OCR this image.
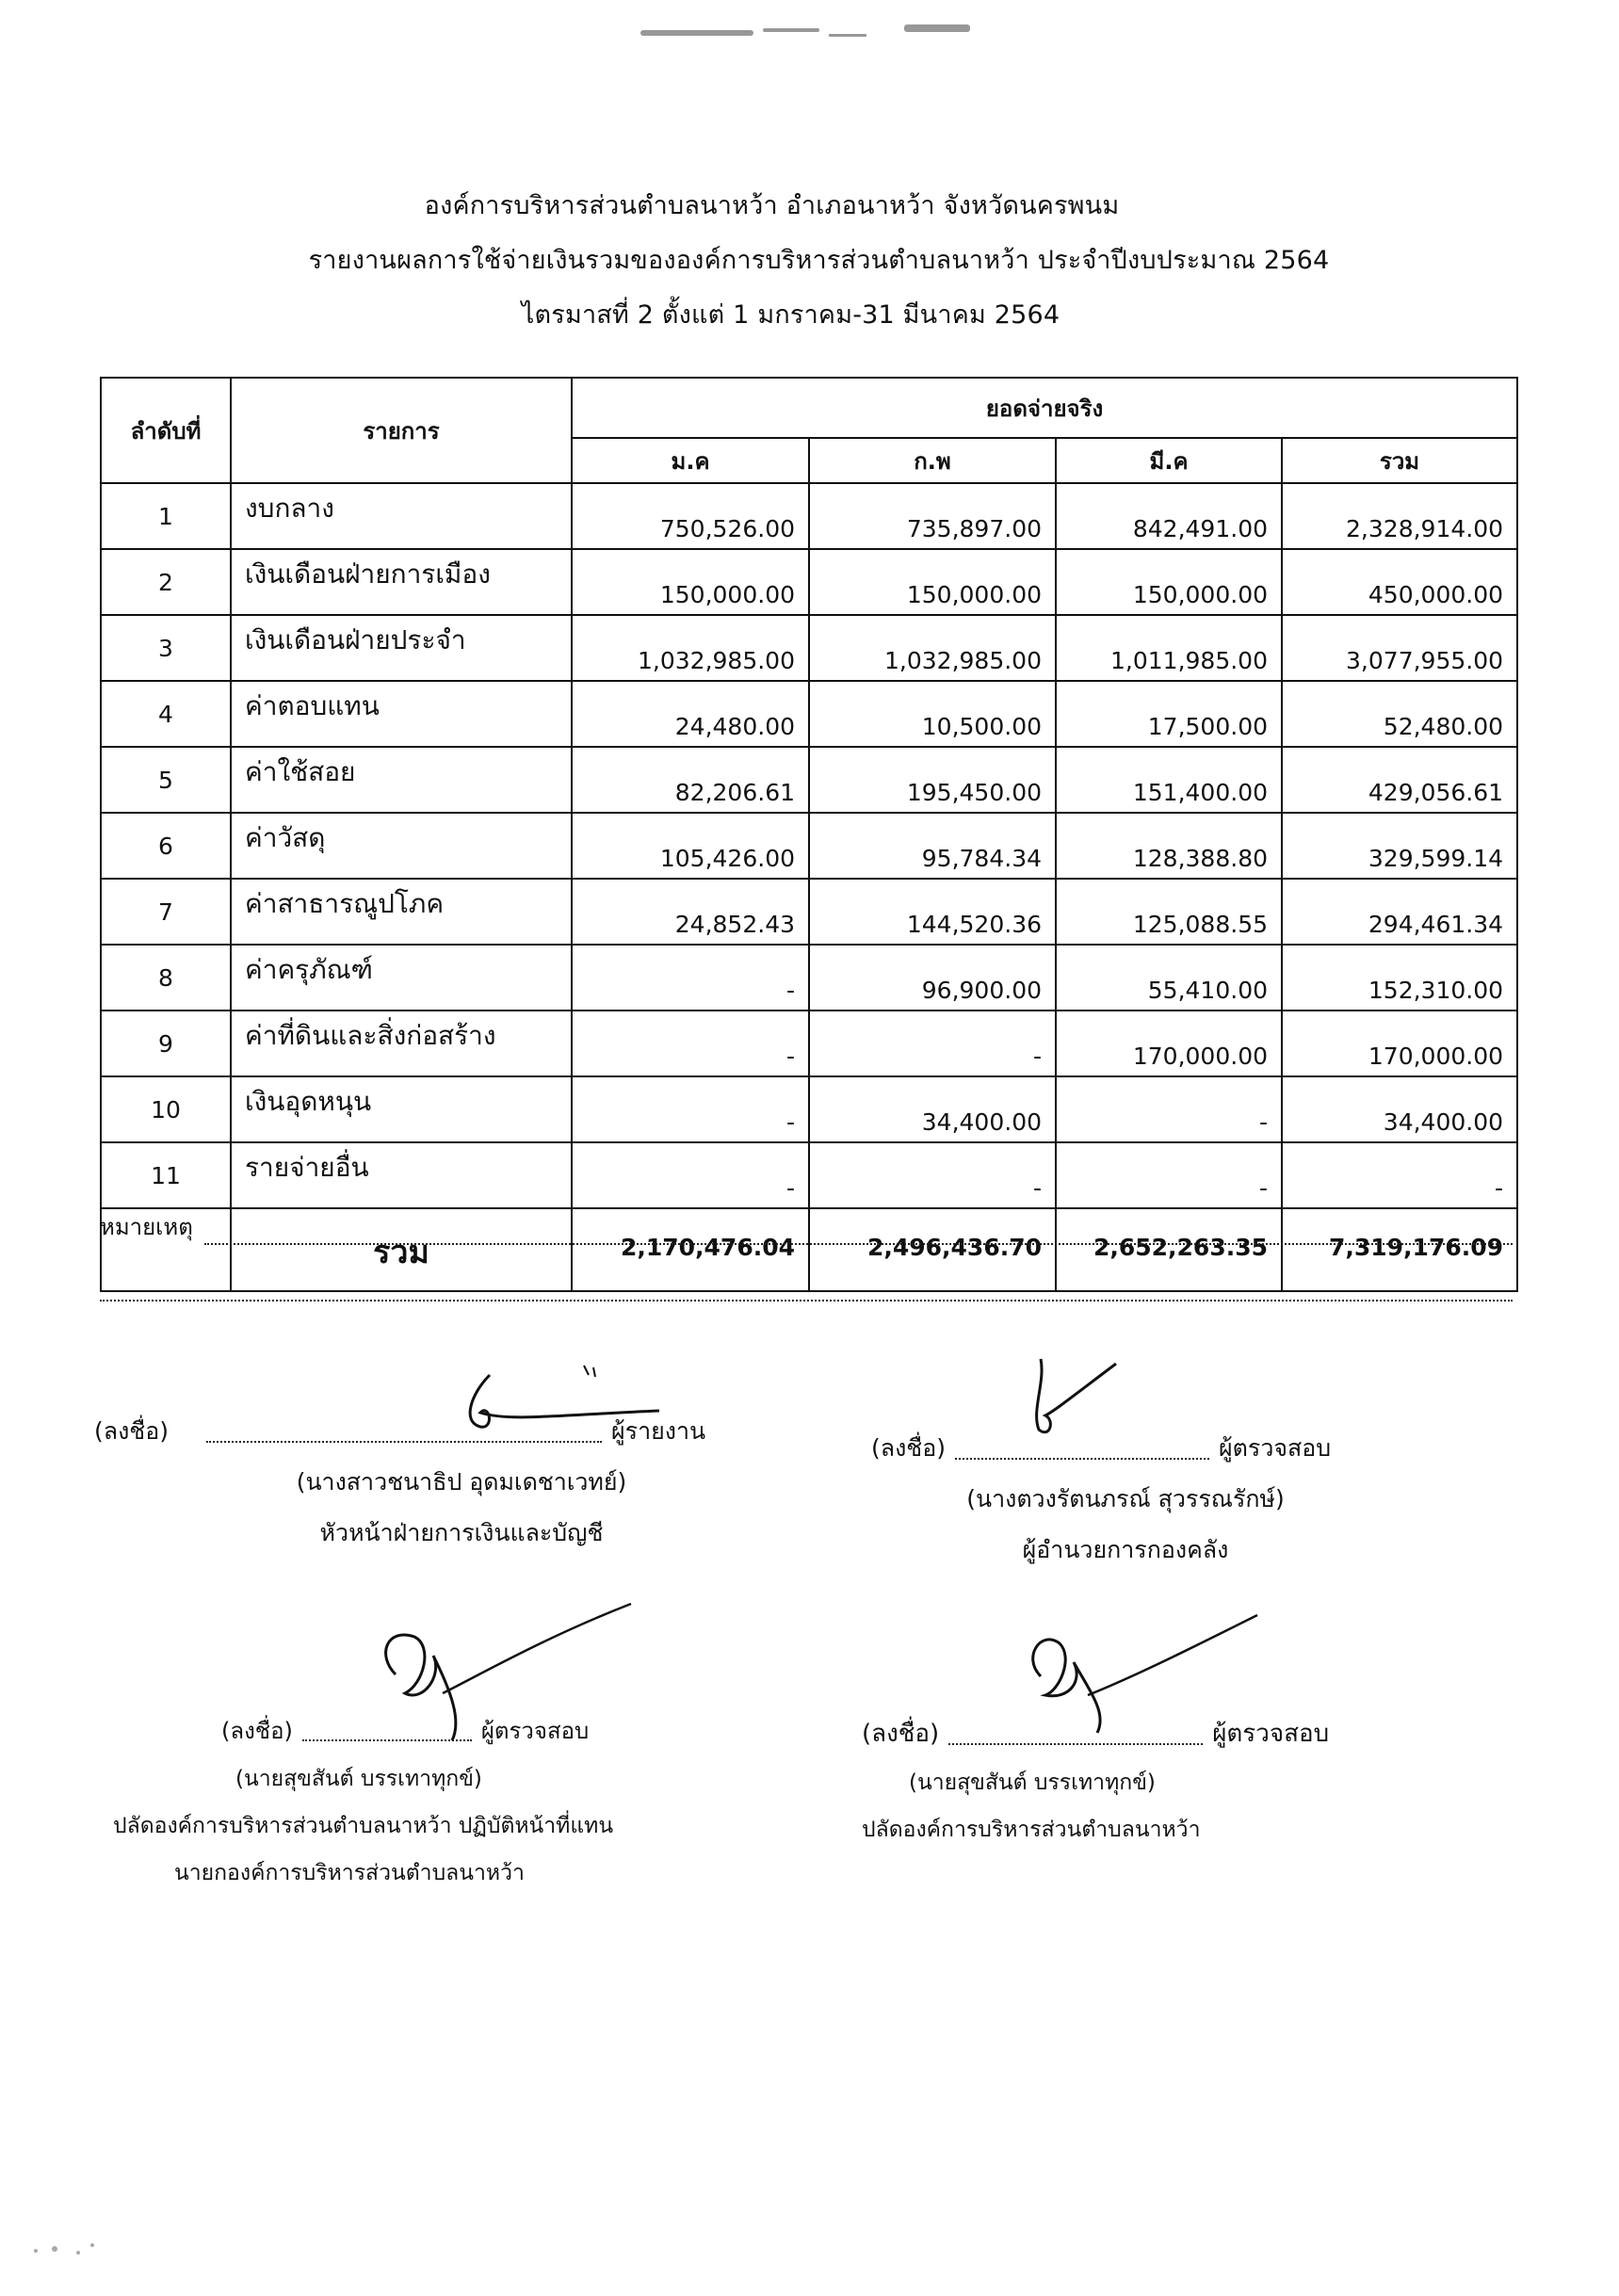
องค์การบริหารส่วนตำบลนาหว้า อำเภอนาหว้า จังหวัดนครพนม
รายงานผลการใช้จ่ายเงินรวมขององค์การบริหารส่วนตำบลนาหว้า ประจำปีงบประมาณ 2564
ไตรมาสที่ 2 ตั้งแต่ 1 มกราคม-31 มีนาคม 2564
ลำดับที่	รายการ	ยอดจ่ายจริง			
		ม.ค	ก.พ	มี.ค	รวม
1	งบกลาง	750,526.00	735,897.00	842,491.00	2,328,914.00
2	เงินเดือนฝ่ายการเมือง	150,000.00	150,000.00	150,000.00	450,000.00
3	เงินเดือนฝ่ายประจำ	1,032,985.00	1,032,985.00	1,011,985.00	3,077,955.00
4	ค่าตอบแทน	24,480.00	10,500.00	17,500.00	52,480.00
5	ค่าใช้สอย	82,206.61	195,450.00	151,400.00	429,056.61
6	ค่าวัสดุ	105,426.00	95,784.34	128,388.80	329,599.14
7	ค่าสาธารณูปโภค	24,852.43	144,520.36	125,088.55	294,461.34
8	ค่าครุภัณฑ์	-	96,900.00	55,410.00	152,310.00
9	ค่าที่ดินและสิ่งก่อสร้าง	-	-	170,000.00	170,000.00
10	เงินอุดหนุน	-	34,400.00	-	34,400.00
11	รายจ่ายอื่น	-	-	-	-
	รวม	2,170,476.04	2,496,436.70	2,652,263.35	7,319,176.09
หมายเหตุ
(ลงชื่อ)	ผู้รายงาน
(นางสาวชนาธิป อุดมเดชาเวทย์)
หัวหน้าฝ่ายการเงินและบัญชี
(ลงชื่อ)	ผู้ตรวจสอบ
(นางตวงรัตนภรณ์ สุวรรณรักษ์)
ผู้อำนวยการกองคลัง
(ลงชื่อ)	ผู้ตรวจสอบ
(นายสุขสันต์ บรรเทาทุกข์)
ปลัดองค์การบริหารส่วนตำบลนาหว้า ปฏิบัติหน้าที่แทน
นายกองค์การบริหารส่วนตำบลนาหว้า
(ลงชื่อ)	ผู้ตรวจสอบ
(นายสุขสันต์ บรรเทาทุกข์)
ปลัดองค์การบริหารส่วนตำบลนาหว้า
